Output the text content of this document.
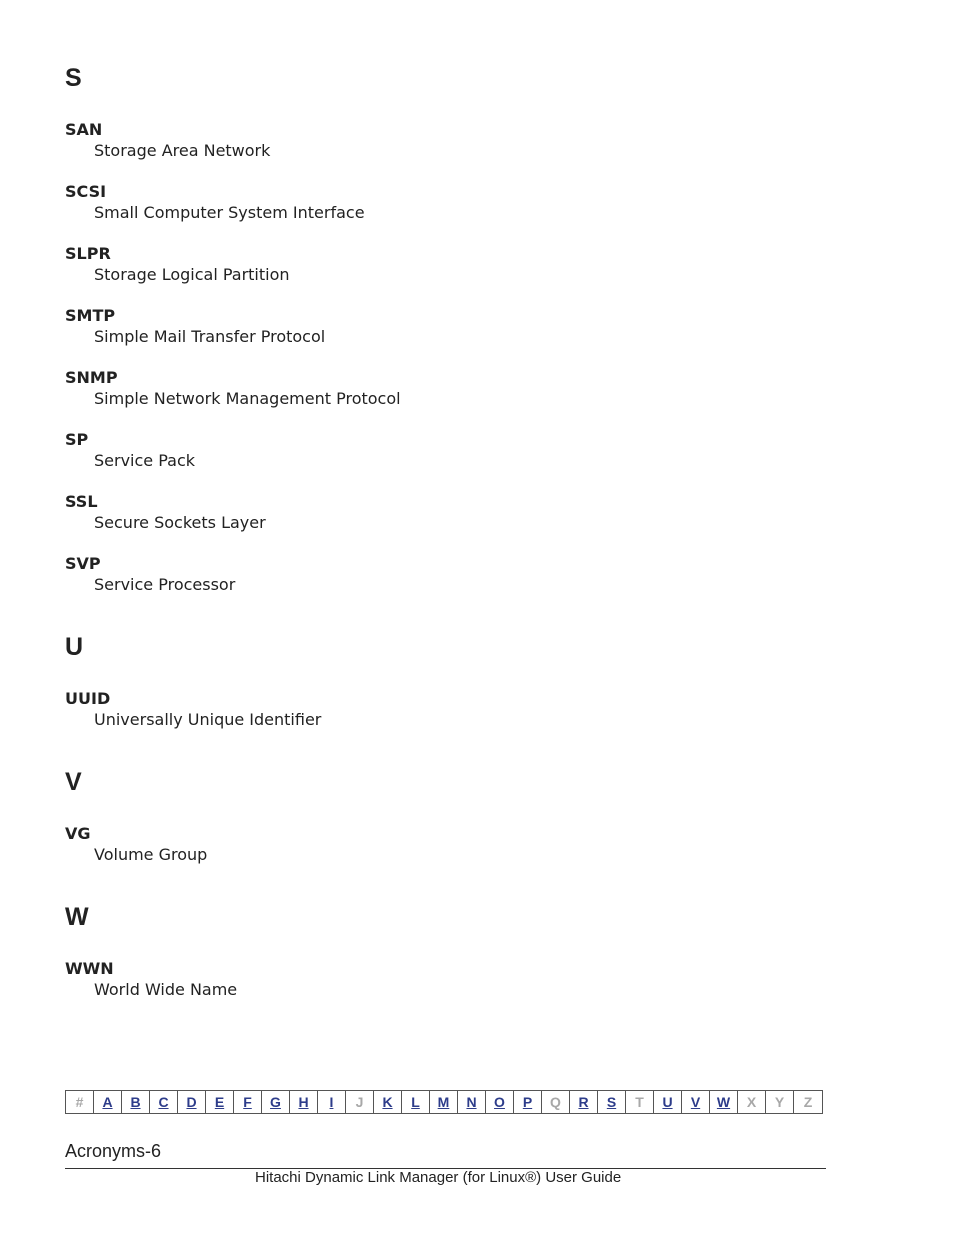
S
SAN
Storage Area Network
SCSI
Small Computer System Interface
SLPR
Storage Logical Partition
SMTP
Simple Mail Transfer Protocol
SNMP
Simple Network Management Protocol
SP
Service Pack
SSL
Secure Sockets Layer
SVP
Service Processor
U
UUID
Universally Unique Identifier
V
VG
Volume Group
W
WWN
World Wide Name
#	A	B	C	D	E	F	G	H	I	J	K	L	M	N	O	P	Q	R	S	T	U	V	W	X	Y	Z
Acronyms-6
Hitachi Dynamic Link Manager (for Linux®) User Guide
